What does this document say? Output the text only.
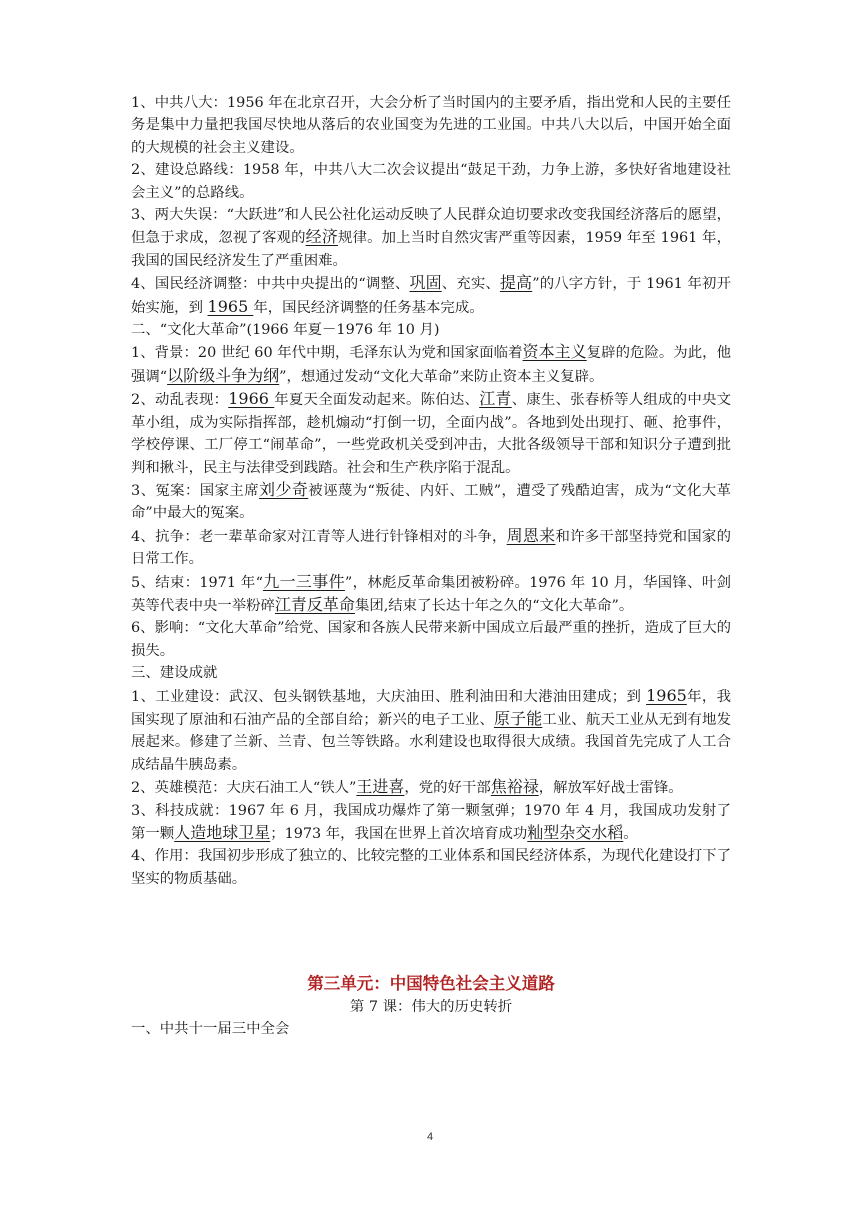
1、中共八大：1956 年在北京召开，大会分析了当时国内的主要矛盾，指出党和人民的主要任务是集中力量把我国尽快地从落后的农业国变为先进的工业国。中共八大以后，中国开始全面的大规模的社会主义建设。

2、建设总路线：1958 年，中共八大二次会议提出“鼓足干劲，力争上游，多快好省地建设社会主义”的总路线。

3、两大失误：“大跃进”和人民公社化运动反映了人民群众迫切要求改变我国经济落后的愿望，但急于求成，忽视了客观的经济规律。加上当时自然灾害严重等因素，1959 年至 1961 年，我国的国民经济发生了严重困难。

4、国民经济调整：中共中央提出的“调整、巩固、充实、提高”的八字方针，于 1961 年初开始实施，到 1965 年，国民经济调整的任务基本完成。

二、“文化大革命”(1966 年夏－1976 年 10 月)

1、背景：20 世纪 60 年代中期，毛泽东认为党和国家面临着资本主义复辟的危险。为此，他强调“以阶级斗争为纲”，想通过发动“文化大革命”来防止资本主义复辟。

2、动乱表现：1966 年夏天全面发动起来。陈伯达、江青、康生、张春桥等人组成的中央文革小组，成为实际指挥部，趁机煽动“打倒一切，全面内战”。各地到处出现打、砸、抢事件，学校停课、工厂停工“闹革命”，一些党政机关受到冲击，大批各级领导干部和知识分子遭到批判和揪斗，民主与法律受到践踏。社会和生产秩序陷于混乱。

3、冤案：国家主席刘少奇被诬蔑为“叛徒、内奸、工贼”，遭受了残酷迫害，成为“文化大革命”中最大的冤案。

4、抗争：老一辈革命家对江青等人进行针锋相对的斗争，周恩来和许多干部坚持党和国家的日常工作。

5、结束：1971 年“九一三事件”，林彪反革命集团被粉碎。1976 年 10 月，华国锋、叶剑英等代表中央一举粉碎江青反革命集团,结束了长达十年之久的“文化大革命”。

6、影响：“文化大革命”给党、国家和各族人民带来新中国成立后最严重的挫折，造成了巨大的损失。

三、建设成就

1、工业建设：武汉、包头钢铁基地，大庆油田、胜利油田和大港油田建成；到 1965年，我国实现了原油和石油产品的全部自给；新兴的电子工业、原子能工业、航天工业从无到有地发展起来。修建了兰新、兰青、包兰等铁路。水利建设也取得很大成绩。我国首先完成了人工合成结晶牛胰岛素。

2、英雄模范：大庆石油工人“铁人”王进喜，党的好干部焦裕禄，解放军好战士雷锋。

3、科技成就：1967 年 6 月，我国成功爆炸了第一颗氢弹；1970 年 4 月，我国成功发射了第一颗人造地球卫星；1973 年，我国在世界上首次培育成功籼型杂交水稻。

4、作用：我国初步形成了独立的、比较完整的工业体系和国民经济体系，为现代化建设打下了坚实的物质基础。

第三单元：中国特色社会主义道路
第 7 课：伟大的历史转折
一、中共十一届三中全会
4
